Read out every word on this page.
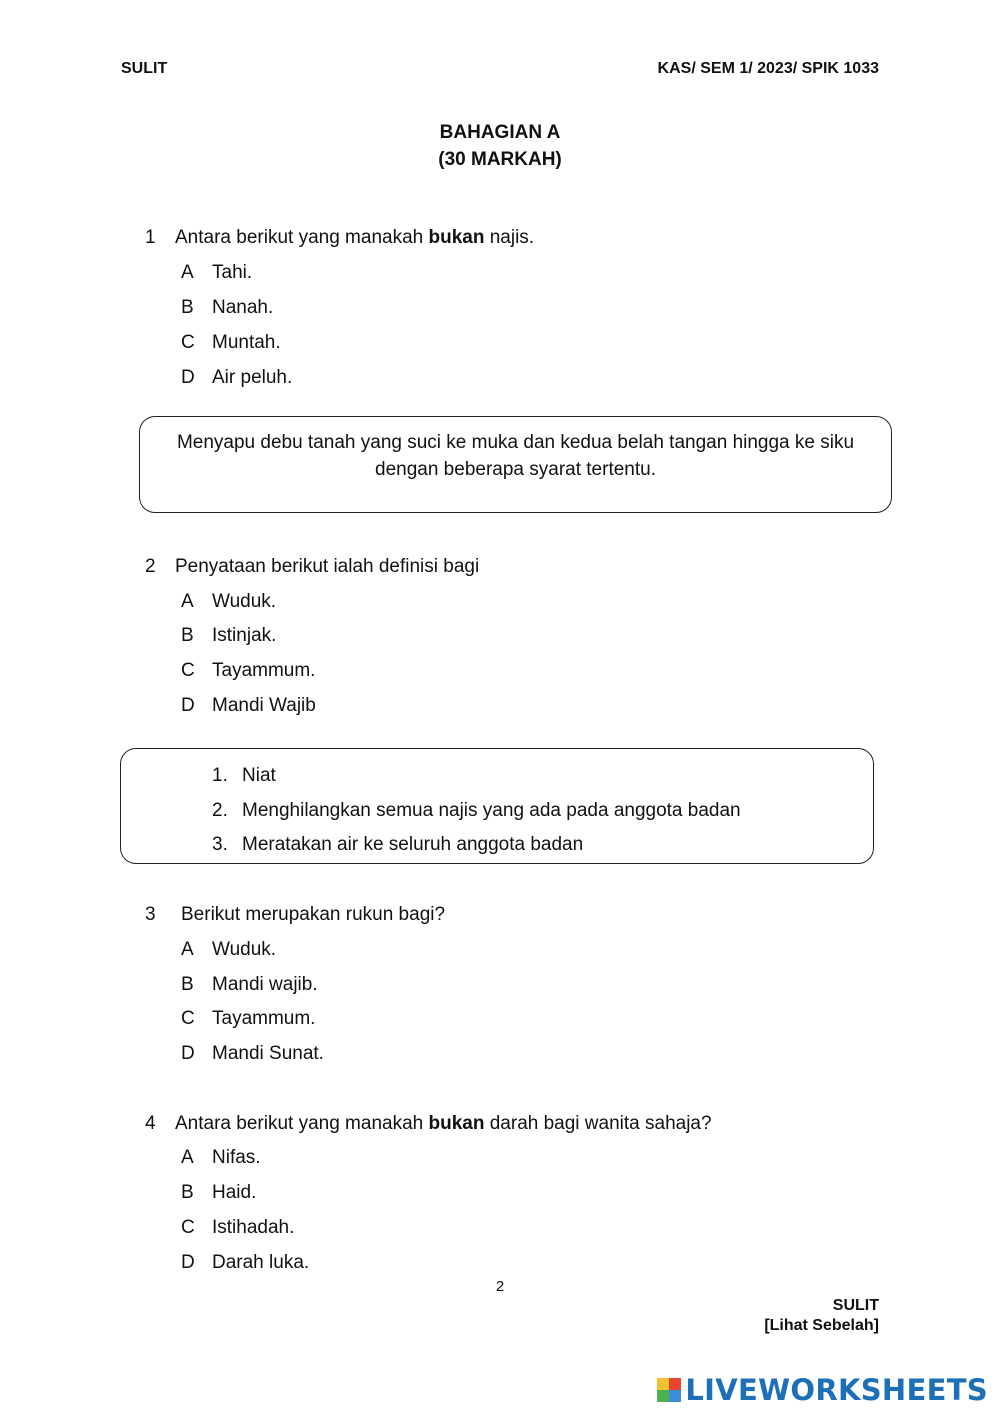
SULIT	KAS/ SEM 1/ 2023/ SPIK 1033
BAHAGIAN A
(30 MARKAH)
1 Antara berikut yang manakah bukan najis.
A Tahi.
B Nanah.
C Muntah.
D Air peluh.
Menyapu debu tanah yang suci ke muka dan kedua belah tangan hingga ke siku dengan beberapa syarat tertentu.
2 Penyataan berikut ialah definisi bagi
A Wuduk.
B Istinjak.
C Tayammum.
D Mandi Wajib
1. Niat
2. Menghilangkan semua najis yang ada pada anggota badan
3. Meratakan air ke seluruh anggota badan
3 Berikut merupakan rukun bagi?
A Wuduk.
B Mandi wajib.
C Tayammum.
D Mandi Sunat.
4 Antara berikut yang manakah bukan darah bagi wanita sahaja?
A Nifas.
B Haid.
C Istihadah.
D Darah luka.
2
SULIT
[Lihat Sebelah]
LIVEWORKSHEETS
